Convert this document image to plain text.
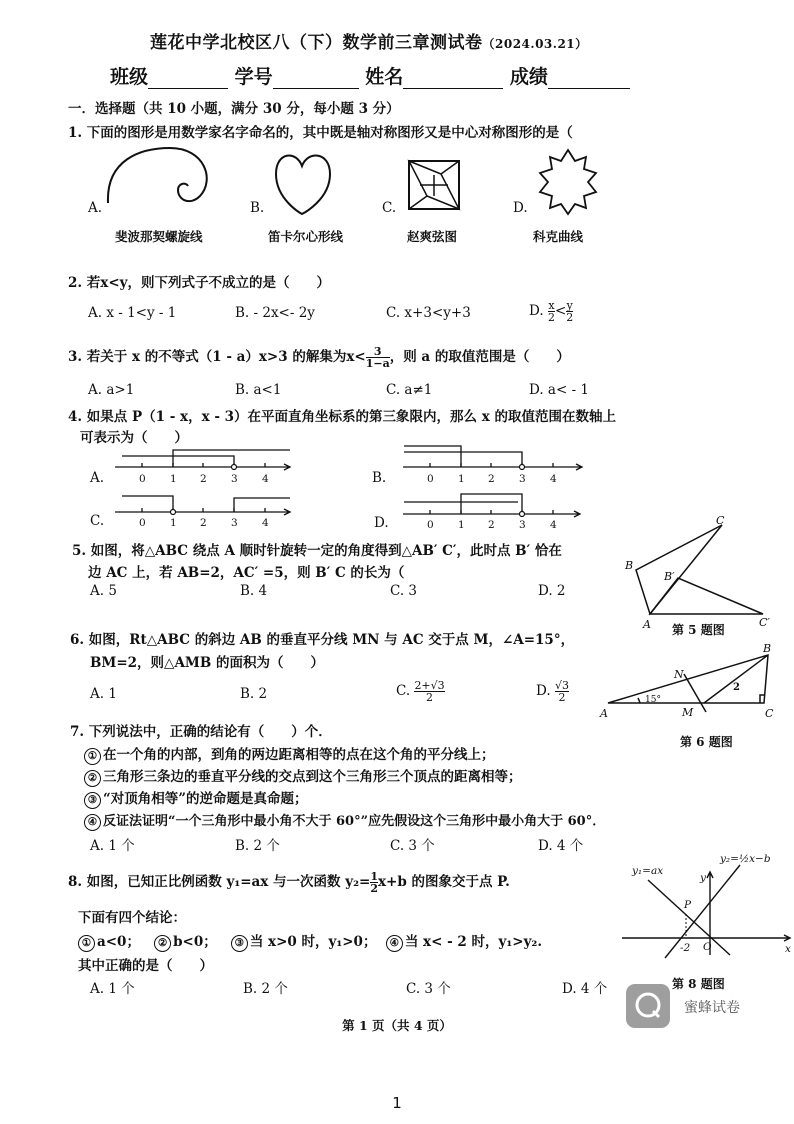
莲花中学北校区八（下）数学前三章测试卷（2024.03.21）
班级	学号	姓名	成绩
一．选择题（共 10 小题，满分 30 分，每小题 3 分）
1. 下面的图形是用数学家名字命名的，其中既是轴对称图形又是中心对称图形的是（
A.	B.	C.	D.
斐波那契螺旋线	笛卡尔心形线	赵爽弦图	科克曲线
2. 若x<y，则下列式子不成立的是（　　）
A. x - 1<y - 1	B. - 2x<- 2y	C. x+3<y+3	D. $\frac{x}{2} < \frac{y}{2}$
3. 若关于 x 的不等式（1 - a）x>3 的解集为$x< \frac{3}{1-a}$ ，则 a 的取值范围是（　　）
A. a>1	B. a<1	C. a≠1	D. a< - 1
4. 如果点 P（1 - x，x - 3）在平面直角坐标系的第三象限内，那么 x 的取值范围在数轴上
可表示为（　　）
A.	B.
C.	D.
0 1 2 3 4	0 1 2 3 4
0 1 2 3 4	0 1 2 3 4
5. 如图，将△ABC 绕点 A 顺时针旋转一定的角度得到△AB′ C′，此时点 B′ 恰在
边 AC 上，若 AB=2，AC′ =5，则 B′ C 的长为（
A. 5	B. 4	C. 3	D. 2
A
B
C
B′
C′
第 5 题图
6. 如图，Rt△ABC 的斜边 AB 的垂直平分线 MN 与 AC 交于点 M，∠A=15°，
BM=2，则△AMB 的面积为（　　）
A. 1	B. 2	C. $\frac{2+√3}{2}$	D. $\frac{√3}{2}$
A
B
C
M
N
15°
2
第 6 题图
7. 下列说法中，正确的结论有（　　）个．
① 在一个角的内部，到角的两边距离相等的点在这个角的平分线上；
② 三角形三条边的垂直平分线的交点到这个三角形三个顶点的距离相等；
③ “对顶角相等”的逆命题是真命题；
④ 反证法证明“一个三角形中最小角不大于 60°”应先假设这个三角形中最小角大于 60°．
A. 1 个	B. 2 个	C. 3 个	D. 4 个
8. 如图，已知正比例函数 y₁=ax 与一次函数 $y_2= \frac{1}{2} x+b$ 的图象交于点 P.
下面有四个结论：
① a<0； ② b<0； ③ 当 x>0 时，y₁>0； ④ 当 x< - 2 时，y₁>y₂.
其中正确的是（　　）
A. 1 个	B. 2 个	C. 3 个	D. 4 个
y₁=ax
y₂=½x−b
y
x
P
O
-2
第 8 题图
蜜蜂试卷
第 1 页（共 4 页）
1
